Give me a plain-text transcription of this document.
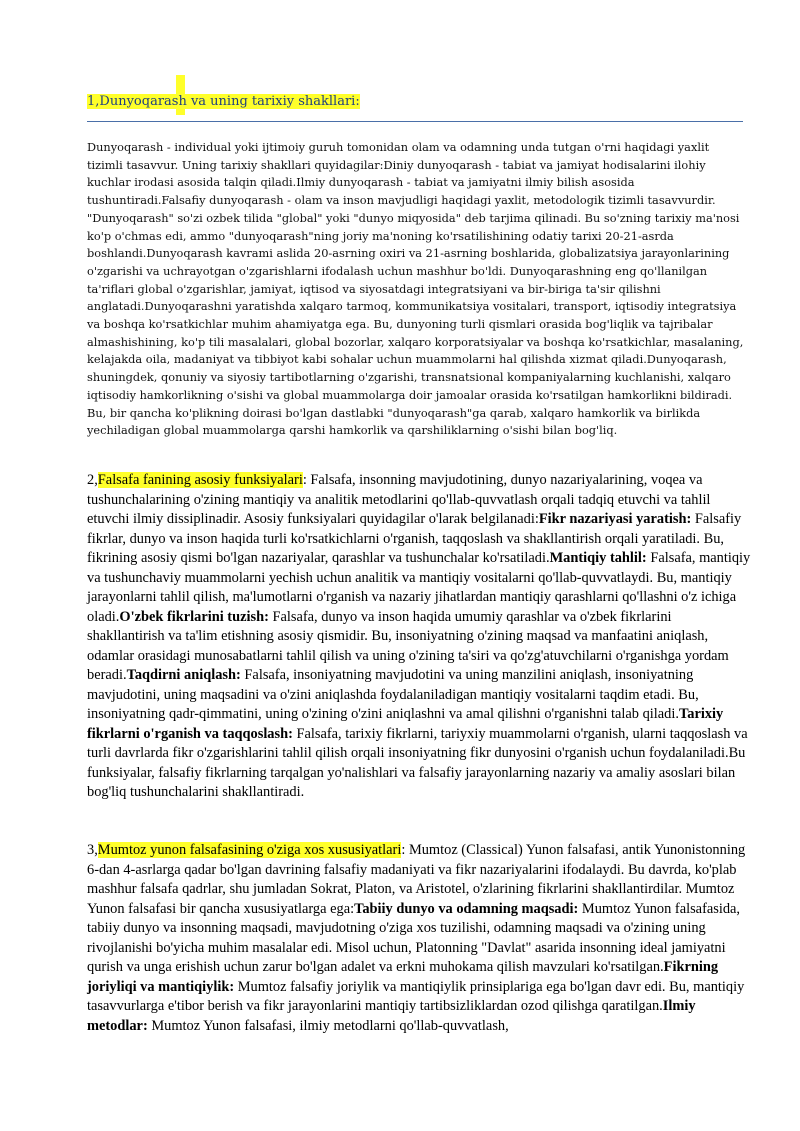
1,Dunyoqarash va uning tarixiy shakllari:

Dunyoqarash - individual yoki ijtimoiy guruh tomonidan olam va odamning unda tutgan o'rni haqidagi yaxlit tizimli tasavvur. Uning tarixiy shakllari quyidagilar:Diniy dunyoqarash - tabiat va jamiyat hodisalarini ilohiy kuchlar irodasi asosida talqin qiladi.Ilmiy dunyoqarash - tabiat va jamiyatni ilmiy bilish asosida tushuntiradi.Falsafiy dunyoqarash - olam va inson mavjudligi haqidagi yaxlit, metodologik tizimli tasavvurdir. "Dunyoqarash" so'zi ozbek tilida "global" yoki "dunyo miqyosida" deb tarjima qilinadi. Bu so'zning tarixiy ma'nosi ko'p o'chmas edi, ammo "dunyoqarash"ning joriy ma'noning ko'rsatilishining odatiy tarixi 20-21-asrda boshlandi.Dunyoqarash kavrami aslida 20-asrning oxiri va 21-asrning boshlarida, globalizatsiya jarayonlarining o'zgarishi va uchrayotgan o'zgarishlarni ifodalash uchun mashhur bo'ldi. Dunyoqarashning eng qo'llanilgan ta'riflari global o'zgarishlar, jamiyat, iqtisod va siyosatdagi integratsiyani va bir-biriga ta'sir qilishni anglatadi.Dunyoqarashni yaratishda xalqaro tarmoq, kommunikatsiya vositalari, transport, iqtisodiy integratsiya va boshqa ko'rsatkichlar muhim ahamiyatga ega. Bu, dunyoning turli qismlari orasida bog'liqlik va tajribalar almashishining, ko'p tili masalalari, global bozorlar, xalqaro korporatsiyalar va boshqa ko'rsatkichlar, masalaning, kelajakda oila, madaniyat va tibbiyot kabi sohalar uchun muammolarni hal qilishda xizmat qiladi.Dunyoqarash, shuningdek, qonuniy va siyosiy tartibotlarning o'zgarishi, transnatsional kompaniyalarning kuchlanishi, xalqaro iqtisodiy hamkorlikning o'sishi va global muammolarga doir jamoalar orasida ko'rsatilgan hamkorlikni bildiradi. Bu, bir qancha ko'plikning doirasi bo'lgan dastlabki "dunyoqarash"ga qarab, xalqaro hamkorlik va birlikda yechiladigan global muammolarga qarshi hamkorlik va qarshiliklarning o'sishi bilan bog'liq.

2,Falsafa fanining asosiy funksiyalari: Falsafa, insonning mavjudotining, dunyo nazariyalarining, voqea va tushunchalarining o'zining mantiqiy va analitik metodlarini qo'llab-quvvatlash orqali tadqiq etuvchi va tahlil etuvchi ilmiy dissiplinadir. Asosiy funksiyalari quyidagilar o'larak belgilanadi:Fikr nazariyasi yaratish: Falsafiy fikrlar, dunyo va inson haqida turli ko'rsatkichlarni o'rganish, taqqoslash va shakllantirish orqali yaratiladi. Bu, fikrining asosiy qismi bo'lgan nazariyalar, qarashlar va tushunchalar ko'rsatiladi.Mantiqiy tahlil: Falsafa, mantiqiy va tushunchaviy muammolarni yechish uchun analitik va mantiqiy vositalarni qo'llab-quvvatlaydi. Bu, mantiqiy jarayonlarni tahlil qilish, ma'lumotlarni o'rganish va nazariy jihatlardan mantiqiy qarashlarni qo'llashni o'z ichiga oladi.O'zbek fikrlarini tuzish: Falsafa, dunyo va inson haqida umumiy qarashlar va o'zbek fikrlarini shakllantirish va ta'lim etishning asosiy qismidir. Bu, insoniyatning o'zining maqsad va manfaatini aniqlash, odamlar orasidagi munosabatlarni tahlil qilish va uning o'zining ta'siri va qo'zg'atuvchilarni o'rganishga yordam beradi.Taqdirni aniqlash: Falsafa, insoniyatning mavjudotini va uning manzilini aniqlash, insoniyatning mavjudotini, uning maqsadini va o'zini aniqlashda foydalaniladigan mantiqiy vositalarni taqdim etadi. Bu, insoniyatning qadr-qimmatini, uning o'zining o'zini aniqlashni va amal qilishni o'rganishni talab qiladi.Tarixiy fikrlarni o'rganish va taqqoslash: Falsafa, tarixiy fikrlarni, tariyxiy muammolarni o'rganish, ularni taqqoslash va turli davrlarda fikr o'zgarishlarini tahlil qilish orqali insoniyatning fikr dunyosini o'rganish uchun foydalaniladi.Bu funksiyalar, falsafiy fikrlarning tarqalgan yo'nalishlari va falsafiy jarayonlarning nazariy va amaliy asoslari bilan bog'liq tushunchalarini shakllantiradi.

3,Mumtoz yunon falsafasining o'ziga xos xususiyatlari: Mumtoz (Classical) Yunon falsafasi, antik Yunonistonning 6-dan 4-asrlarga qadar bo'lgan davrining falsafiy madaniyati va fikr nazariyalarini ifodalaydi. Bu davrda, ko'plab mashhur falsafa qadrlar, shu jumladan Sokrat, Platon, va Aristotel, o'zlarining fikrlarini shakllantirdilar. Mumtoz Yunon falsafasi bir qancha xususiyatlarga ega:Tabiiy dunyo va odamning maqsadi: Mumtoz Yunon falsafasida, tabiiy dunyo va insonning maqsadi, mavjudotning o'ziga xos tuzilishi, odamning maqsadi va o'zining uning rivojlanishi bo'yicha muhim masalalar edi. Misol uchun, Platonning "Davlat" asarida insonning ideal jamiyatni qurish va unga erishish uchun zarur bo'lgan adalet va erkni muhokama qilish mavzulari ko'rsatilgan.Fikrning joriyliqi va mantiqiylik: Mumtoz falsafiy joriylik va mantiqiylik prinsiplariga ega bo'lgan davr edi. Bu, mantiqiy tasavvurlarga e'tibor berish va fikr jarayonlarini mantiqiy tartibsizliklardan ozod qilishga qaratilgan.Ilmiy metodlar: Mumtoz Yunon falsafasi, ilmiy metodlarni qo'llab-quvvatlash,
